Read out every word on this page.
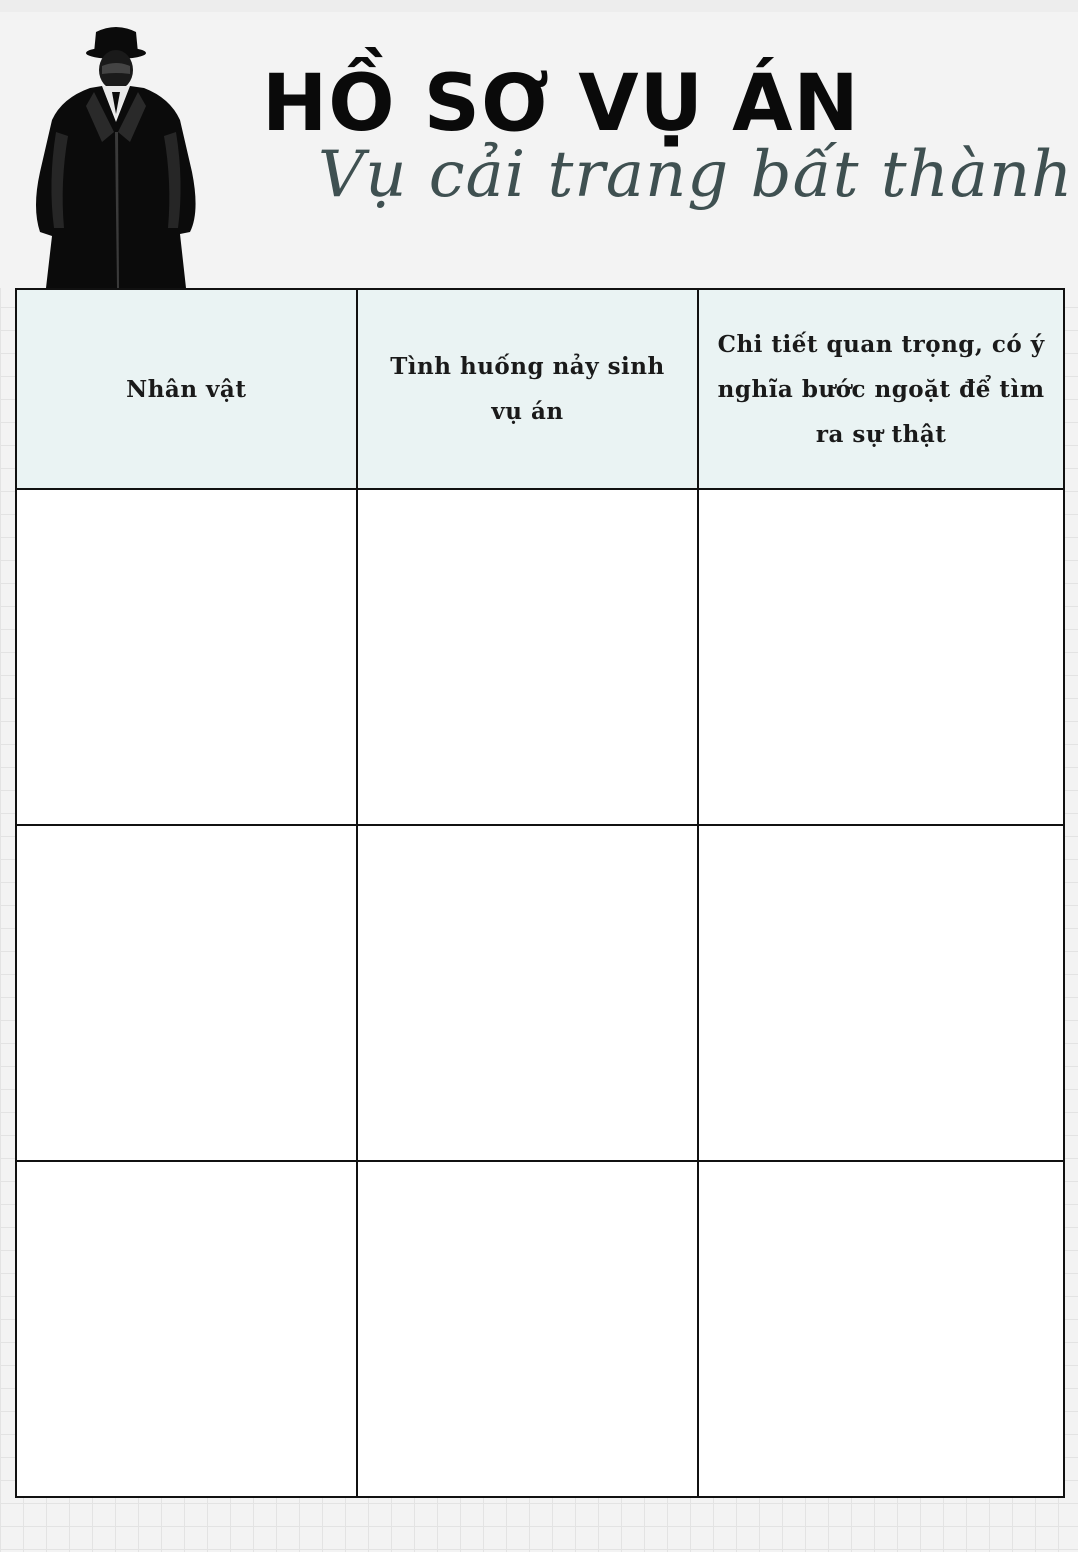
HỒ SƠ VỤ ÁN
Vụ cải trang bất thành
Nhân vật	Tình huống nảy sinh vụ án	Chi tiết quan trọng, có ý nghĩa bước ngoặt để tìm ra sự thật
